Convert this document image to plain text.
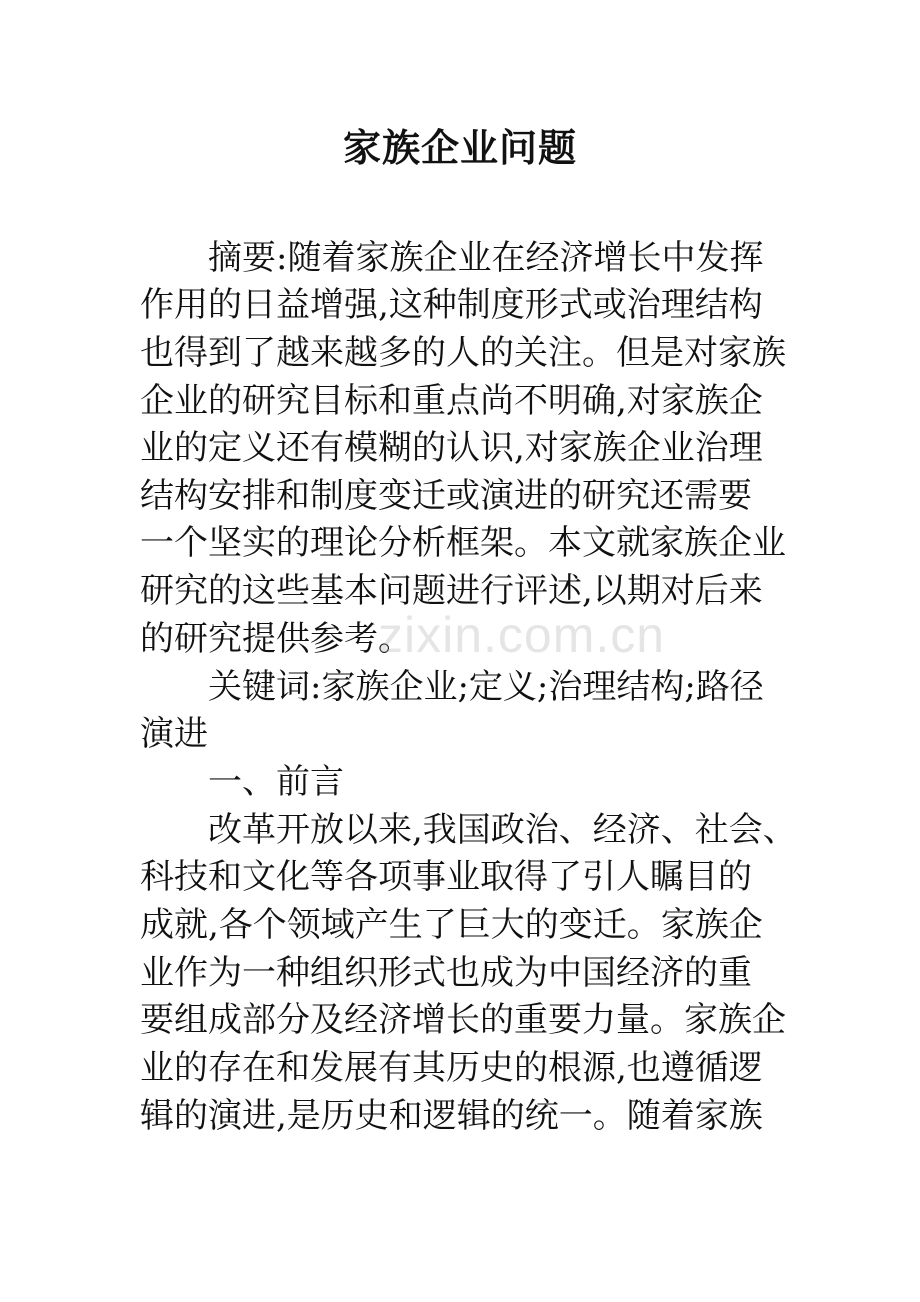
家族企业问题
摘要:随着家族企业在经济增长中发挥
作用的日益增强,这种制度形式或治理结构
也得到了越来越多的人的关注。但是对家族
企业的研究目标和重点尚不明确,对家族企
业的定义还有模糊的认识,对家族企业治理
结构安排和制度变迁或演进的研究还需要
一个坚实的理论分析框架。本文就家族企业
研究的这些基本问题进行评述,以期对后来
的研究提供参考。
关键词:家族企业;定义;治理结构;路径
演进
一、前言
改革开放以来,我国政治、经济、社会、
科技和文化等各项事业取得了引人瞩目的
成就,各个领域产生了巨大的变迁。家族企
业作为一种组织形式也成为中国经济的重
要组成部分及经济增长的重要力量。家族企
业的存在和发展有其历史的根源,也遵循逻
辑的演进,是历史和逻辑的统一。随着家族
zixin.com.cn
